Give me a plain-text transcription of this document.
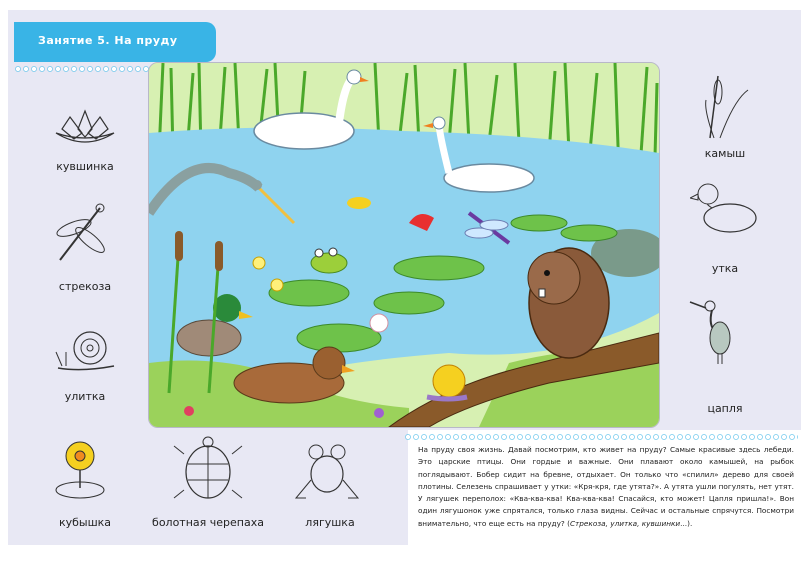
Занятие 5. На пруду
кувшинка
стрекоза
улитка
камыш
утка
цапля
кубышка	болотная черепаха	лягушка
На пруду своя жизнь. Давай посмотрим, кто живет на пруду? Самые красивые здесь лебеди. Это царские птицы. Они гордые и важные. Они плавают около камышей, на рыбок поглядывают. Бобер сидит на бревне, отдыхает. Он только что «спилил» дерево для своей плотины. Селезень спрашивает у утки: «Кря-кря, где утята?». А утята ушли погулять, нет утят. У лягушек переполох: «Ква-ква-ква! Ква-ква-ква! Спасайся, кто может! Цапля пришла!». Вон один лягушонок уже спрятался, только глаза видны. Сейчас и остальные спрячутся. Посмотри внимательно, что еще есть на пруду? (Стрекоза, улитка, кувшинки...).
